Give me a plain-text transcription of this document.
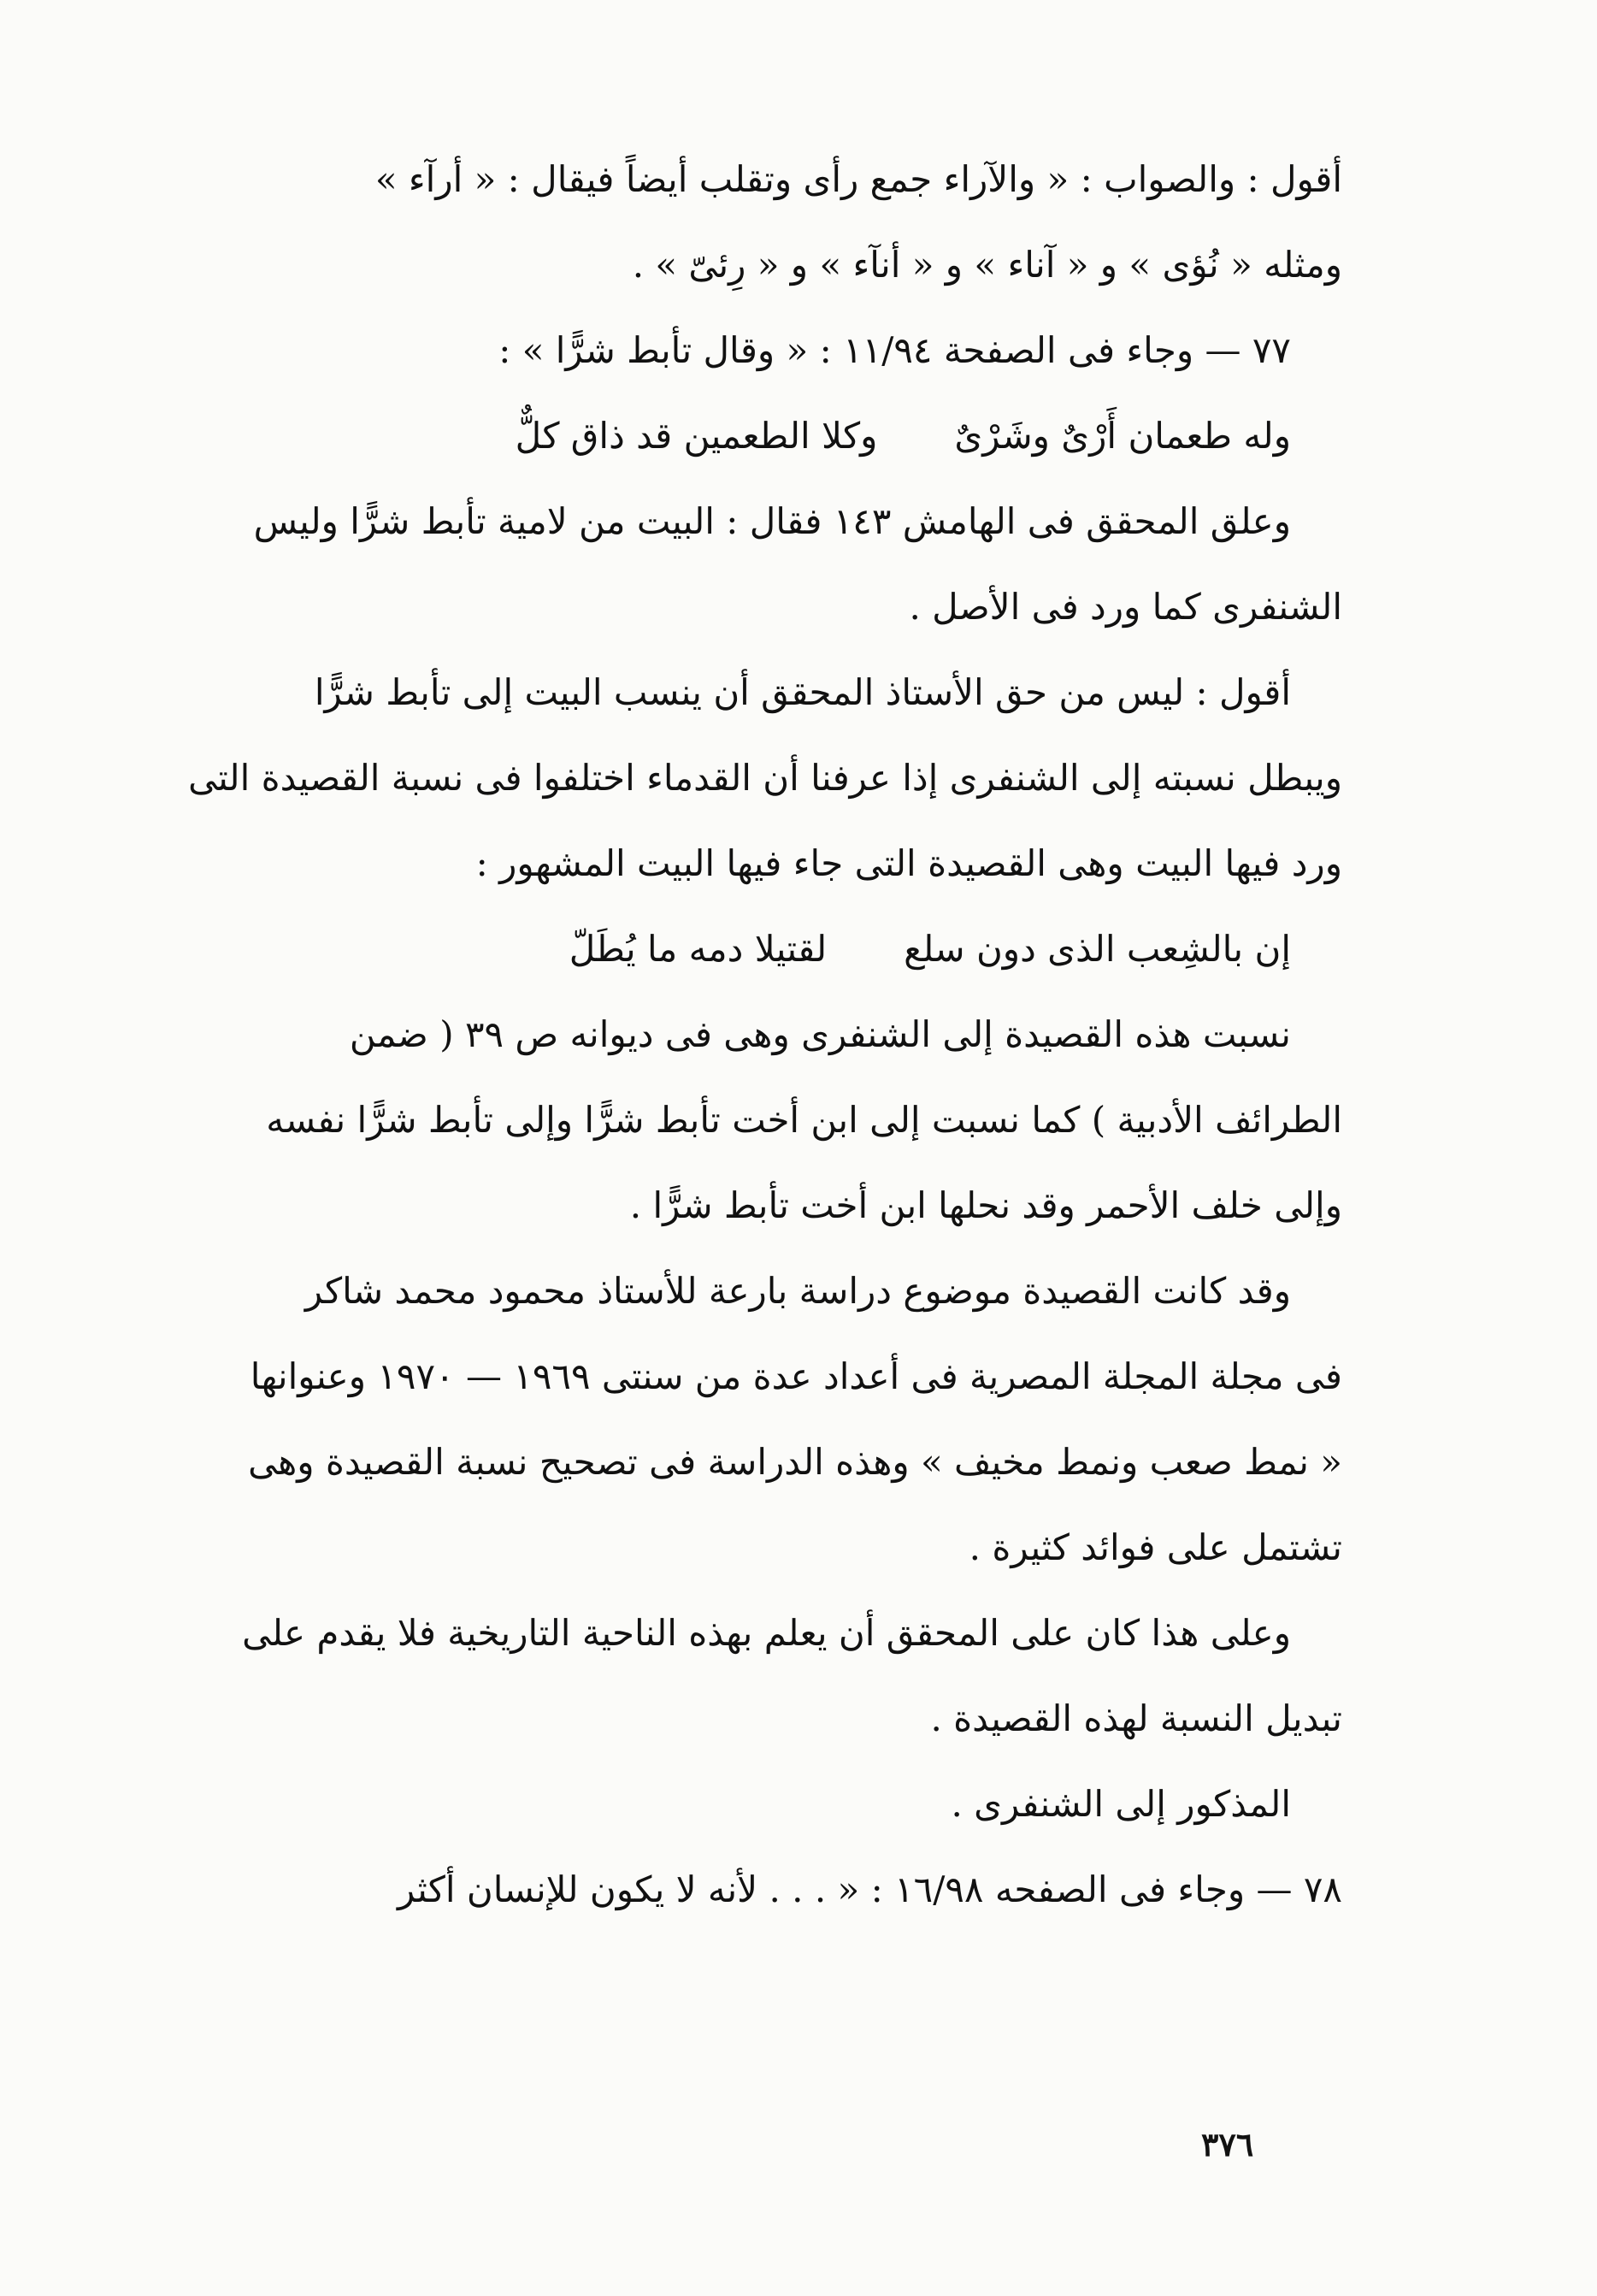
أقول : والصواب : « والآراء جمع رأى وتقلب أيضاً فيقال : « أرآء »
ومثله « نُؤى » و « آناء » و « أنآء » و « رِئىّ » .
٧٧ — وجاء فى الصفحة ١١/٩٤ : « وقال تأبط شرًّا » :
وله طعمان أَرْىٌ وشَرْىٌ
وكلا الطعمين قد ذاق كلٌّ
وعلق المحقق فى الهامش ١٤٣ فقال : البيت من لامية تأبط شرًّا وليس
الشنفرى كما ورد فى الأصل .
أقول : ليس من حق الأستاذ المحقق أن ينسب البيت إلى تأبط شرًّا
ويبطل نسبته إلى الشنفرى إذا عرفنا أن القدماء اختلفوا فى نسبة القصيدة التى
ورد فيها البيت وهى القصيدة التى جاء فيها البيت المشهور :
إن بالشِعب الذى دون سلع
لقتيلا دمه ما يُطَلّ
نسبت هذه القصيدة إلى الشنفرى وهى فى ديوانه ص ٣٩ ( ضمن
الطرائف الأدبية ) كما نسبت إلى ابن أخت تأبط شرًّا وإلى تأبط شرًّا نفسه
وإلى خلف الأحمر وقد نحلها ابن أخت تأبط شرًّا .
وقد كانت القصيدة موضوع دراسة بارعة للأستاذ محمود محمد شاكر
فى مجلة المجلة المصرية فى أعداد عدة من سنتى ١٩٦٩ — ١٩٧٠ وعنوانها
« نمط صعب ونمط مخيف » وهذه الدراسة فى تصحيح نسبة القصيدة وهى
تشتمل على فوائد كثيرة .
وعلى هذا كان على المحقق أن يعلم بهذه الناحية التاريخية فلا يقدم على
تبديل النسبة لهذه القصيدة .
المذكور إلى الشنفرى .
٧٨ — وجاء فى الصفحه ١٦/٩٨ : « . . . لأنه لا يكون للإنسان أكثر
٣٧٦
